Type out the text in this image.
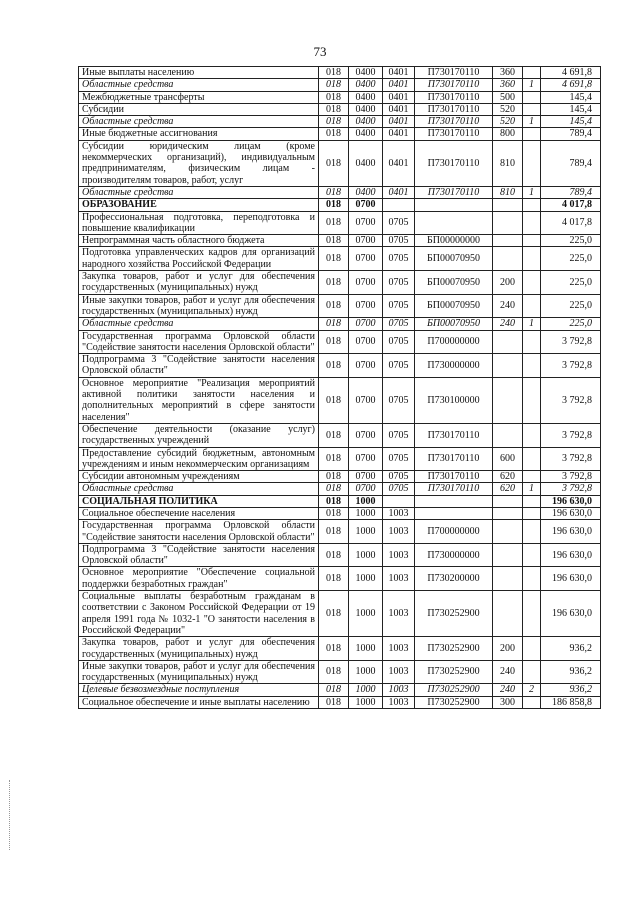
73
Иные выплаты населению	018	0400	0401	П730170110	360		4 691,8
Областные средства	018	0400	0401	П730170110	360	1	4 691,8
Межбюджетные трансферты	018	0400	0401	П730170110	500		145,4
Субсидии	018	0400	0401	П730170110	520		145,4
Областные средства	018	0400	0401	П730170110	520	1	145,4
Иные бюджетные ассигнования	018	0400	0401	П730170110	800		789,4
Субсидии юридическим лицам (кроме некоммерческих организаций), индивидуальным предпринимателям, физическим лицам - производителям товаров, работ, услуг	018	0400	0401	П730170110	810		789,4
Областные средства	018	0400	0401	П730170110	810	1	789,4
ОБРАЗОВАНИЕ	018	0700					4 017,8
Профессиональная подготовка, переподготовка и повышение квалификации	018	0700	0705				4 017,8
Непрограммная часть областного бюджета	018	0700	0705	БП00000000			225,0
Подготовка управленческих кадров для организаций народного хозяйства Российской Федерации	018	0700	0705	БП00070950			225,0
Закупка товаров, работ и услуг для обеспечения государственных (муниципальных) нужд	018	0700	0705	БП00070950	200		225,0
Иные закупки товаров, работ и услуг для обеспечения государственных (муниципальных) нужд	018	0700	0705	БП00070950	240		225,0
Областные средства	018	0700	0705	БП00070950	240	1	225,0
Государственная программа Орловской области "Содействие занятости населения Орловской области"	018	0700	0705	П700000000			3 792,8
Подпрограмма 3 "Содействие занятости населения Орловской области"	018	0700	0705	П730000000			3 792,8
Основное мероприятие "Реализация мероприятий активной политики занятости населения и дополнительных мероприятий в сфере занятости населения"	018	0700	0705	П730100000			3 792,8
Обеспечение деятельности (оказание услуг) государственных учреждений	018	0700	0705	П730170110			3 792,8
Предоставление субсидий бюджетным, автономным учреждениям и иным некоммерческим организациям	018	0700	0705	П730170110	600		3 792,8
Субсидии автономным учреждениям	018	0700	0705	П730170110	620		3 792,8
Областные средства	018	0700	0705	П730170110	620	1	3 792,8
СОЦИАЛЬНАЯ ПОЛИТИКА	018	1000					196 630,0
Социальное обеспечение населения	018	1000	1003				196 630,0
Государственная программа Орловской области "Содействие занятости населения Орловской области"	018	1000	1003	П700000000			196 630,0
Подпрограмма 3 "Содействие занятости населения Орловской области"	018	1000	1003	П730000000			196 630,0
Основное мероприятие "Обеспечение социальной поддержки безработных граждан"	018	1000	1003	П730200000			196 630,0
Социальные выплаты безработным гражданам в соответствии с Законом Российской Федерации от 19 апреля 1991 года № 1032-1 "О занятости населения в Российской Федерации"	018	1000	1003	П730252900			196 630,0
Закупка товаров, работ и услуг для обеспечения государственных (муниципальных) нужд	018	1000	1003	П730252900	200		936,2
Иные закупки товаров, работ и услуг для обеспечения государственных (муниципальных) нужд	018	1000	1003	П730252900	240		936,2
Целевые безвозмездные поступления	018	1000	1003	П730252900	240	2	936,2
Социальное обеспечение и иные выплаты населению	018	1000	1003	П730252900	300		186 858,8
